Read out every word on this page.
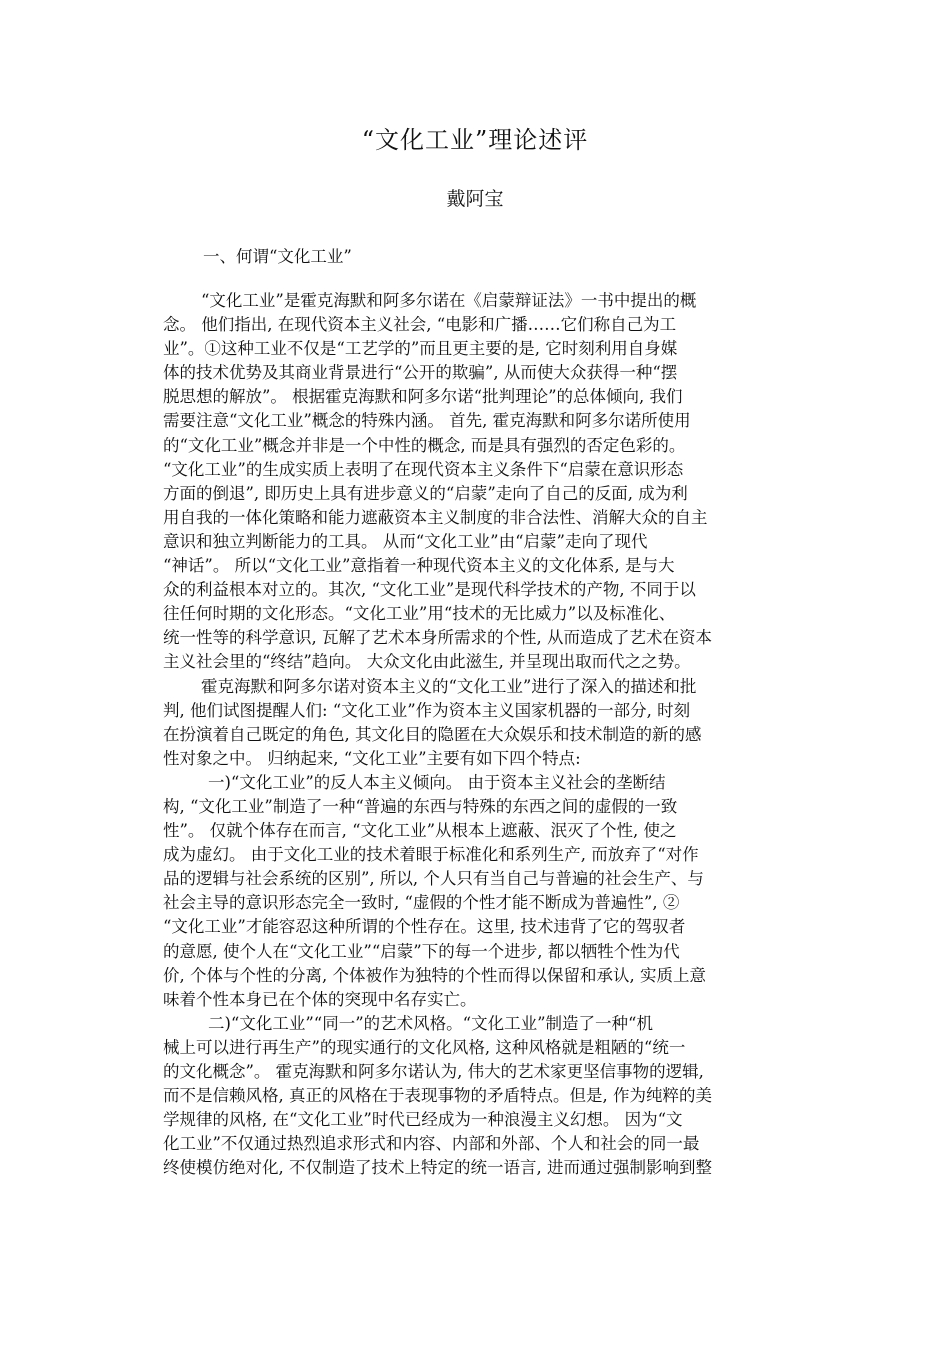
“文化工业”理论述评
戴阿宝
一、何谓“文化工业”
“文化工业”是霍克海默和阿多尔诺在《启蒙辩证法》一书中提出的概
念。 他们指出, 在现代资本主义社会, “电影和广播……它们称自己为工
业”。①这种工业不仅是“工艺学的”而且更主要的是, 它时刻利用自身媒
体的技术优势及其商业背景进行“公开的欺骗”, 从而使大众获得一种“摆
脱思想的解放”。 根据霍克海默和阿多尔诺“批判理论”的总体倾向, 我们
需要注意“文化工业”概念的特殊内涵。 首先, 霍克海默和阿多尔诺所使用
的“文化工业”概念并非是一个中性的概念, 而是具有强烈的否定色彩的。
“文化工业”的生成实质上表明了在现代资本主义条件下“启蒙在意识形态
方面的倒退”, 即历史上具有进步意义的“启蒙”走向了自己的反面, 成为利
用自我的一体化策略和能力遮蔽资本主义制度的非合法性、消解大众的自主
意识和独立判断能力的工具。 从而“文化工业”由“启蒙”走向了现代
“神话”。 所以“文化工业”意指着一种现代资本主义的文化体系, 是与大
众的利益根本对立的。其次, “文化工业”是现代科学技术的产物, 不同于以
往任何时期的文化形态。“文化工业”用“技术的无比威力”以及标准化、
统一性等的科学意识, 瓦解了艺术本身所需求的个性, 从而造成了艺术在资本
主义社会里的“终结”趋向。 大众文化由此滋生, 并呈现出取而代之之势。
霍克海默和阿多尔诺对资本主义的“文化工业”进行了深入的描述和批
判, 他们试图提醒人们: “文化工业”作为资本主义国家机器的一部分, 时刻
在扮演着自己既定的角色, 其文化目的隐匿在大众娱乐和技术制造的新的感
性对象之中。 归纳起来, “文化工业”主要有如下四个特点:
一)“文化工业”的反人本主义倾向。 由于资本主义社会的垄断结
构, “文化工业”制造了一种“普遍的东西与特殊的东西之间的虚假的一致
性”。 仅就个体存在而言, “文化工业”从根本上遮蔽、泯灭了个性, 使之
成为虚幻。 由于文化工业的技术着眼于标准化和系列生产, 而放弃了“对作
品的逻辑与社会系统的区别”, 所以, 个人只有当自己与普遍的社会生产、与
社会主导的意识形态完全一致时, “虚假的个性才能不断成为普遍性”, ②
“文化工业”才能容忍这种所谓的个性存在。这里, 技术违背了它的驾驭者
的意愿, 使个人在“文化工业”“启蒙”下的每一个进步, 都以牺牲个性为代
价, 个体与个性的分离, 个体被作为独特的个性而得以保留和承认, 实质上意
味着个性本身已在个体的突现中名存实亡。
二)“文化工业”“同一”的艺术风格。“文化工业”制造了一种“机
械上可以进行再生产”的现实通行的文化风格, 这种风格就是粗陋的“统一
的文化概念”。 霍克海默和阿多尔诺认为, 伟大的艺术家更坚信事物的逻辑,
而不是信赖风格, 真正的风格在于表现事物的矛盾特点。但是, 作为纯粹的美
学规律的风格, 在“文化工业”时代已经成为一种浪漫主义幻想。 因为“文
化工业”不仅通过热烈追求形式和内容、内部和外部、个人和社会的同一最
终使模仿绝对化, 不仅制造了技术上特定的统一语言, 进而通过强制影响到整
